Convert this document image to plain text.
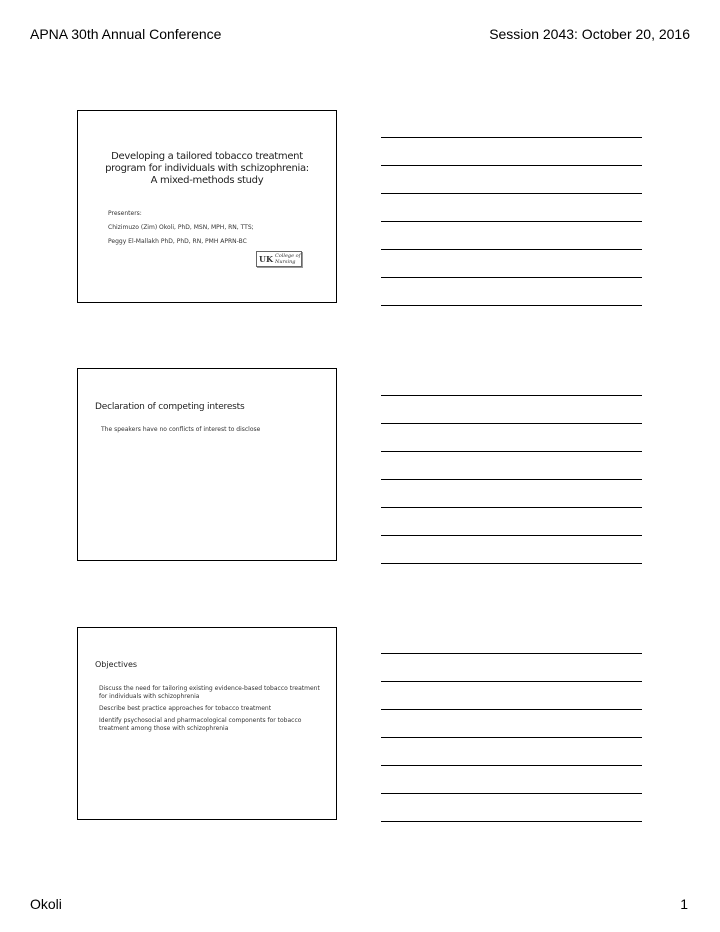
APNA 30th Annual Conference	Session 2043: October 20, 2016
Developing a tailored tobacco treatment
program for individuals with schizophrenia:
A mixed-methods study
Presenters:
Chizimuzo (Zim) Okoli, PhD, MSN, MPH, RN, TTS;
Peggy El-Mallakh PhD, PhD, RN, PMH APRN-BC
UK College of Nursing
Declaration of competing interests
The speakers have no conflicts of interest to disclose
Objectives
Discuss the need for tailoring existing evidence-based tobacco treatment for individuals with schizophrenia
Describe best practice approaches for tobacco treatment
Identify psychosocial and pharmacological components for tobacco treatment among those with schizophrenia
Okoli	1
